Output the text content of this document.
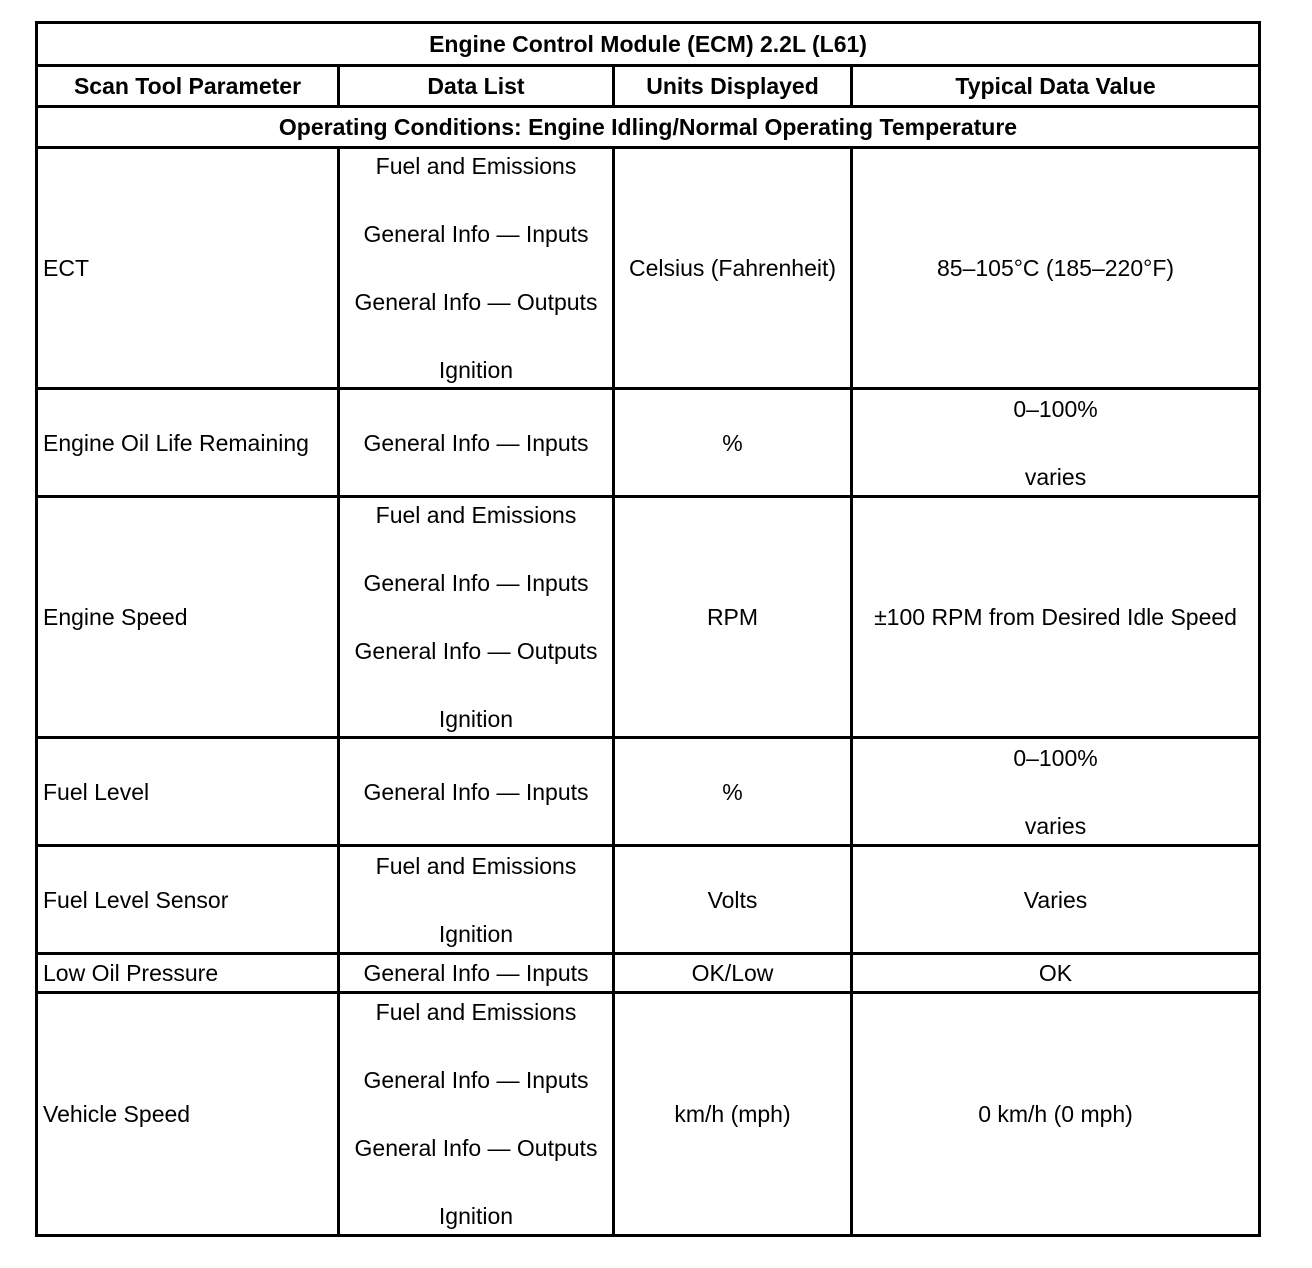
Engine Control Module (ECM) 2.2L (L61)			
Scan Tool Parameter	Data List	Units Displayed	Typical Data Value
Operating Conditions: Engine Idling/Normal Operating Temperature			
ECT	Fuel and Emissions
General Info — Inputs
General Info — Outputs
Ignition	Celsius (Fahrenheit)	85–105°C (185–220°F)

Engine Oil Life Remaining	General Info — Inputs	%	0–100%
varies

Engine Speed	Fuel and Emissions
General Info — Inputs
General Info — Outputs
Ignition	RPM	±100 RPM from Desired Idle Speed

Fuel Level	General Info — Inputs	%	0–100%
varies

Fuel Level Sensor	Fuel and Emissions
Ignition	Volts	Varies

Low Oil Pressure	General Info — Inputs	OK/Low	OK

Vehicle Speed	Fuel and Emissions
General Info — Inputs
General Info — Outputs
Ignition	km/h (mph)	0 km/h (0 mph)
